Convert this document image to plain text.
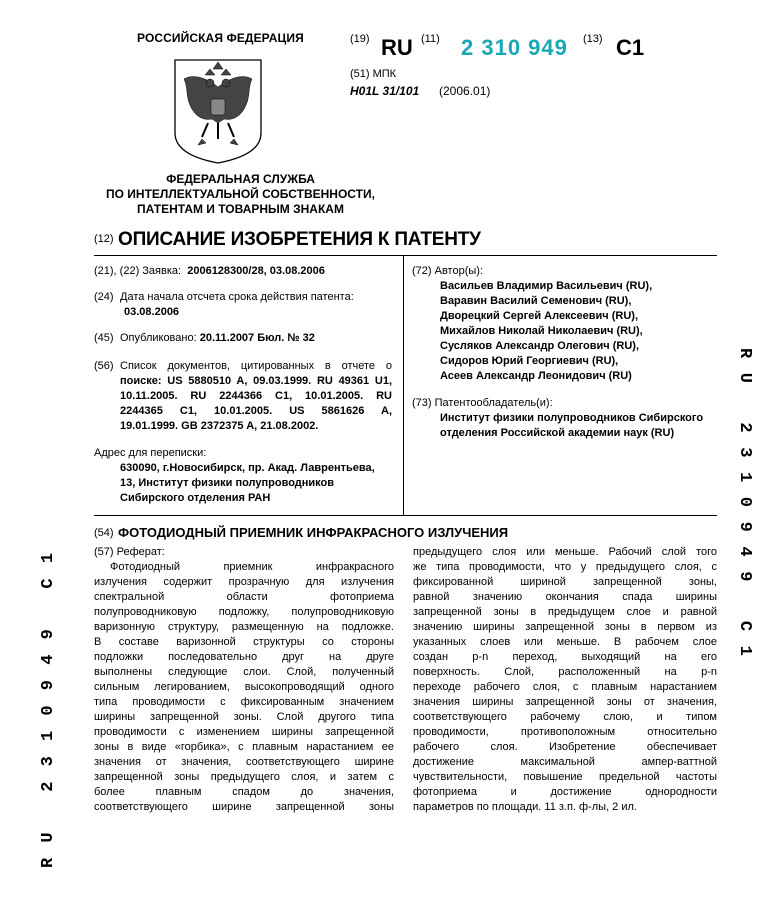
РОССИЙСКАЯ ФЕДЕРАЦИЯ
ФЕДЕРАЛЬНАЯ СЛУЖБА
ПО ИНТЕЛЛЕКТУАЛЬНОЙ СОБСТВЕННОСТИ,
ПАТЕНТАМ И ТОВАРНЫМ ЗНАКАМ
(19) RU (11) 2 310 949 (13) C1
(51) МПК
H01L 31/101 (2006.01)
(12) ОПИСАНИЕ ИЗОБРЕТЕНИЯ К ПАТЕНТУ
(21), (22) Заявка: 2006128300/28, 03.08.2006
(24) Дата начала отсчета срока действия патента:
03.08.2006
(45) Опубликовано: 20.11.2007 Бюл. № 32
(56) Список документов, цитированных в отчете о
поиске: US 5880510 A, 09.03.1999. RU 49361 U1,
10.11.2005. RU 2244366 C1, 10.01.2005. RU
2244365 C1, 10.01.2005. US 5861626 A,
19.01.1999. GB 2372375 A, 21.08.2002.
Адрес для переписки:
630090, г.Новосибирск, пр. Акад. Лаврентьева,
13, Институт физики полупроводников
Сибирского отделения РАН
(72) Автор(ы):
Васильев Владимир Васильевич (RU),
Варавин Василий Семенович (RU),
Дворецкий Сергей Алексеевич (RU),
Михайлов Николай Николаевич (RU),
Сусляков Александр Олегович (RU),
Сидоров Юрий Георгиевич (RU),
Асеев Александр Леонидович (RU)
(73) Патентообладатель(и):
Институт физики полупроводников Сибирского
отделения Российской академии наук (RU)
(54) ФОТОДИОДНЫЙ ПРИЕМНИК ИНФРАКРАСНОГО ИЗЛУЧЕНИЯ
(57) Реферат:
Фотодиодный приемник инфракрасного
излучения содержит прозрачную для излучения
спектральной области фотоприема
полупроводниковую подложку, полупроводниковую
варизонную структуру, размещенную на подложке.
В составе варизонной структуры со стороны
подложки последовательно друг на друге
выполнены следующие слои. Слой, полученный
сильным легированием, высокопроводящий одного
типа проводимости с фиксированным значением
ширины запрещенной зоны. Слой другого типа
проводимости с изменением ширины запрещенной
зоны в виде «горбика», с плавным нарастанием ее
значения от значения, соответствующего ширине
запрещенной зоны предыдущего слоя, и затем с
более плавным спадом до значения,
соответствующего ширине запрещенной зоны
предыдущего слоя или меньше. Рабочий слой того
же типа проводимости, что у предыдущего слоя, с
фиксированной шириной запрещенной зоны,
равной значению окончания спада ширины
запрещенной зоны в предыдущем слое и равной
значению ширины запрещенной зоны в первом из
указанных слоев или меньше. В рабочем слое
создан p-n переход, выходящий на его
поверхность. Слой, расположенный на p-n
переходе рабочего слоя, с плавным нарастанием
значения ширины запрещенной зоны от значения,
соответствующего рабочему слою, и типом
проводимости, противоположным относительно
рабочего слоя. Изобретение обеспечивает
достижение максимальной ампер-ваттной
чувствительности, повышение предельной частоты
фотоприема и достижение однородности
параметров по площади. 11 з.п. ф-лы, 2 ил.
RU 2310949 C1
RU 2310949 C1
